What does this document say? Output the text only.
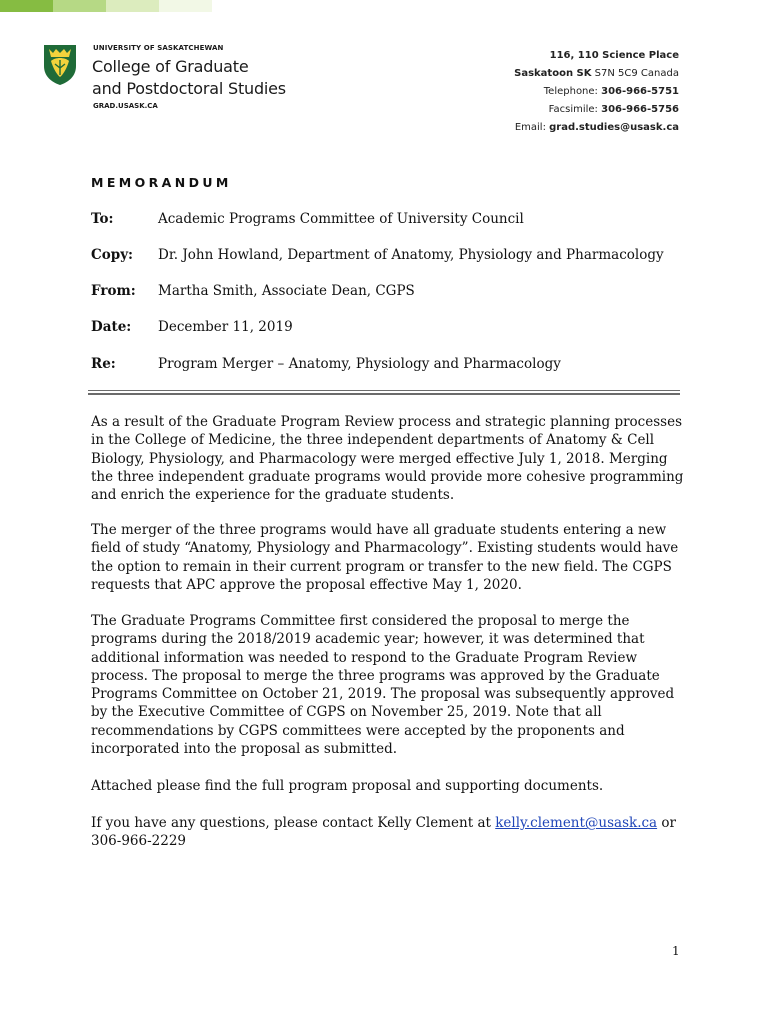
UNIVERSITY OF SASKATCHEWAN
College of Graduate
and Postdoctoral Studies
GRAD.USASK.CA
116, 110 Science Place
Saskatoon SK S7N 5C9 Canada
Telephone: 306-966-5751
Facsimile: 306-966-5756
Email: grad.studies@usask.ca
MEMORANDUM
To:	Academic Programs Committee of University Council
Copy: Dr. John Howland, Department of Anatomy, Physiology and Pharmacology
From: Martha Smith, Associate Dean, CGPS
Date: December 11, 2019
Re:	Program Merger – Anatomy, Physiology and Pharmacology

As a result of the Graduate Program Review process and strategic planning processes in the College of Medicine, the three independent departments of Anatomy & Cell Biology, Physiology, and Pharmacology were merged effective July 1, 2018. Merging the three independent graduate programs would provide more cohesive programming and enrich the experience for the graduate students.

The merger of the three programs would have all graduate students entering a new field of study “Anatomy, Physiology and Pharmacology”. Existing students would have the option to remain in their current program or transfer to the new field. The CGPS requests that APC approve the proposal effective May 1, 2020.

The Graduate Programs Committee first considered the proposal to merge the programs during the 2018/2019 academic year; however, it was determined that additional information was needed to respond to the Graduate Program Review process. The proposal to merge the three programs was approved by the Graduate Programs Committee on October 21, 2019. The proposal was subsequently approved by the Executive Committee of CGPS on November 25, 2019. Note that all recommendations by CGPS committees were accepted by the proponents and incorporated into the proposal as submitted.

Attached please find the full program proposal and supporting documents.

If you have any questions, please contact Kelly Clement at kelly.clement@usask.ca or 306-966-2229

1
